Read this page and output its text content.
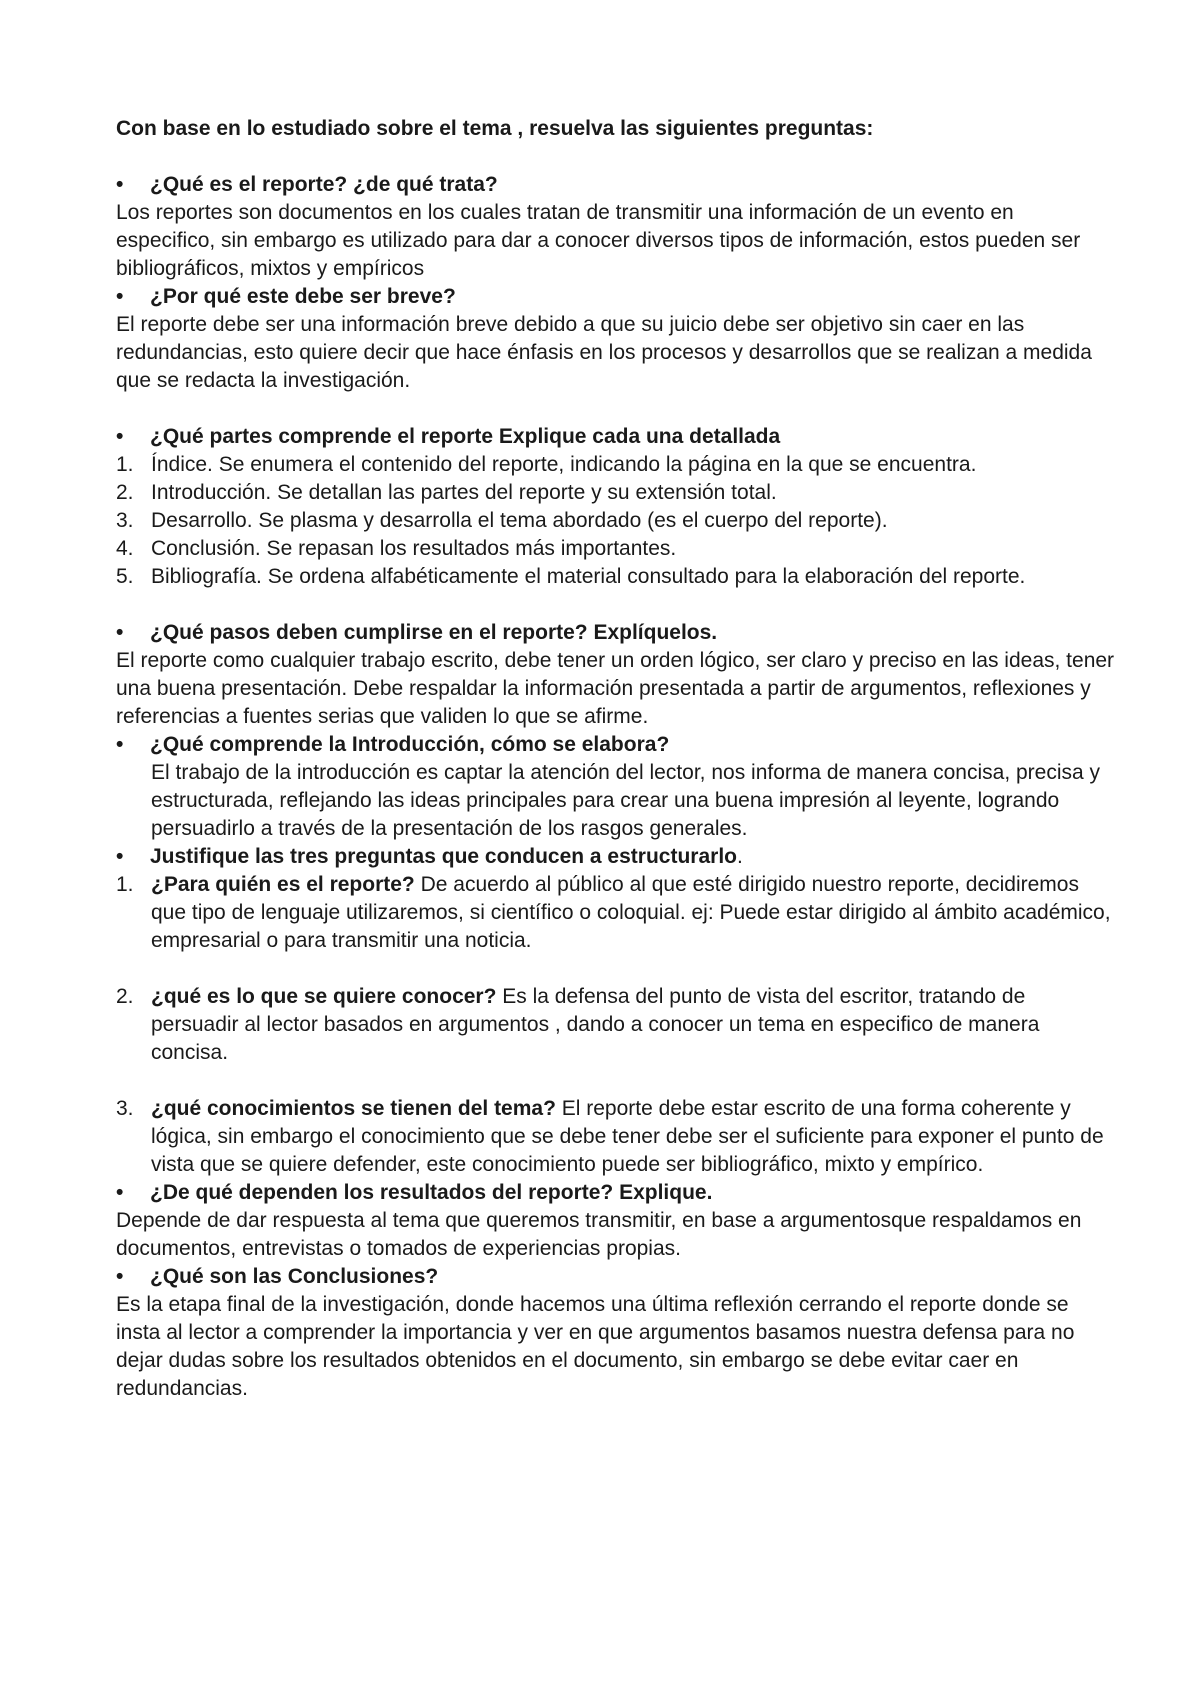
Con base en lo estudiado sobre el tema , resuelva las siguientes preguntas:

•	¿Qué es el reporte? ¿de qué trata?

Los reportes son documentos en los cuales tratan de transmitir una información de un evento en especifico, sin embargo es utilizado para dar a conocer diversos tipos de información, estos pueden ser bibliográficos, mixtos y empíricos

•	¿Por qué este debe ser breve?

El reporte debe ser una información breve debido a que su juicio debe ser objetivo sin caer en las redundancias, esto quiere decir que hace énfasis en los procesos y desarrollos que se realizan a medida que se redacta la investigación.

•	¿Qué partes comprende el reporte Explique cada una detallada
1. Índice. Se enumera el contenido del reporte, indicando la página en la que se encuentra.
2. Introducción. Se detallan las partes del reporte y su extensión total.
3. Desarrollo. Se plasma y desarrolla el tema abordado (es el cuerpo del reporte).
4. Conclusión. Se repasan los resultados más importantes.
5. Bibliografía. Se ordena alfabéticamente el material consultado para la elaboración del reporte.
•	¿Qué pasos deben cumplirse en el reporte? Explíquelos.

El reporte como cualquier trabajo escrito, debe tener un orden lógico, ser claro y preciso en las ideas, tener una buena presentación. Debe respaldar la información presentada a partir de argumentos, reflexiones y referencias a fuentes serias que validen lo que se afirme.

•	¿Qué comprende la Introducción, cómo se elabora?

El trabajo de la introducción es captar la atención del lector, nos informa de manera concisa, precisa y estructurada, reflejando las ideas principales para crear una buena impresión al leyente, logrando persuadirlo a través de la presentación de los rasgos generales.

•	Justifique las tres preguntas que conducen a estructurarlo.
1. ¿Para quién es el reporte? De acuerdo al público al que esté dirigido nuestro reporte, decidiremos que tipo de lenguaje utilizaremos, si científico o coloquial. ej: Puede estar dirigido al ámbito académico, empresarial o para transmitir una noticia.
2. ¿qué es lo que se quiere conocer? Es la defensa del punto de vista del escritor, tratando de persuadir al lector basados en argumentos , dando a conocer un tema en especifico de manera concisa.
3. ¿qué conocimientos se tienen del tema? El reporte debe estar escrito de una forma coherente y lógica, sin embargo el conocimiento que se debe tener debe ser el suficiente para exponer el punto de vista que se quiere defender, este conocimiento puede ser bibliográfico, mixto y empírico.
•	¿De qué dependen los resultados del reporte? Explique.

Depende de dar respuesta al tema que queremos transmitir, en base a argumentosque respaldamos en documentos, entrevistas o tomados de experiencias propias.

•	¿Qué son las Conclusiones?

Es la etapa final de la investigación, donde hacemos una última reflexión cerrando el reporte donde se insta al lector a comprender la importancia y ver en que argumentos basamos nuestra defensa para no dejar dudas sobre los resultados obtenidos en el documento, sin embargo se debe evitar caer en redundancias.
